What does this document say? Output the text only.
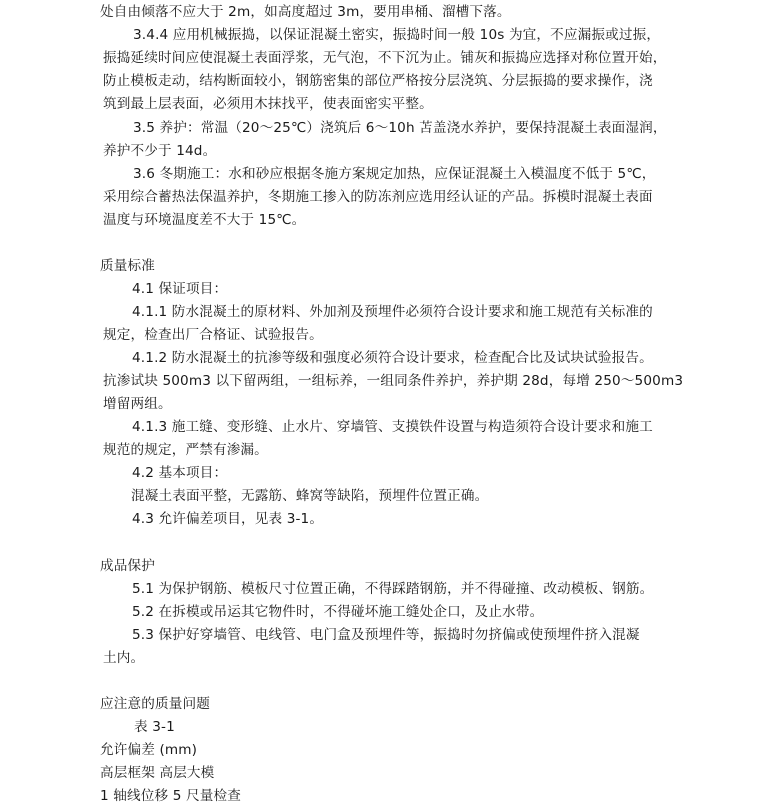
处自由倾落不应大于 2m，如高度超过 3m，要用串桶、溜槽下落。

3.4.4 应用机械振捣，以保证混凝土密实，振捣时间一般 10s 为宜，不应漏振或过振，

振捣延续时间应使混凝土表面浮浆，无气泡，不下沉为止。铺灰和振捣应选择对称位置开始，

防止模板走动，结构断面较小，钢筋密集的部位严格按分层浇筑、分层振捣的要求操作，浇

筑到最上层表面，必须用木抹找平，使表面密实平整。

3.5 养护：常温（20～25℃）浇筑后 6～10h 苫盖浇水养护，要保持混凝土表面湿润，

养护不少于 14d。

3.6 冬期施工：水和砂应根据冬施方案规定加热，应保证混凝土入模温度不低于 5℃，

采用综合蓄热法保温养护，冬期施工掺入的防冻剂应选用经认证的产品。拆模时混凝土表面

温度与环境温度差不大于 15℃。

质量标准

4.1 保证项目：

4.1.1 防水混凝土的原材料、外加剂及预埋件必须符合设计要求和施工规范有关标准的

规定，检查出厂合格证、试验报告。

4.1.2 防水混凝土的抗渗等级和强度必须符合设计要求，检查配合比及试块试验报告。

抗渗试块 500m3 以下留两组，一组标养，一组同条件养护，养护期 28d，每增 250～500m3

增留两组。

4.1.3 施工缝、变形缝、止水片、穿墙管、支摸铁件设置与构造须符合设计要求和施工

规范的规定，严禁有渗漏。

4.2 基本项目：

混凝土表面平整，无露筋、蜂窝等缺陷，预埋件位置正确。

4.3 允许偏差项目，见表 3-1。

成品保护

5.1 为保护钢筋、模板尺寸位置正确，不得踩踏钢筋，并不得碰撞、改动模板、钢筋。

5.2 在拆模或吊运其它物件时，不得碰坏施工缝处企口，及止水带。

5.3 保护好穿墙管、电线管、电门盒及预埋件等，振捣时勿挤偏或使预埋件挤入混凝

土内。

应注意的质量问题

表 3-1

允许偏差 (mm)

高层框架 高层大模

1 轴线位移 5 尺量检查
